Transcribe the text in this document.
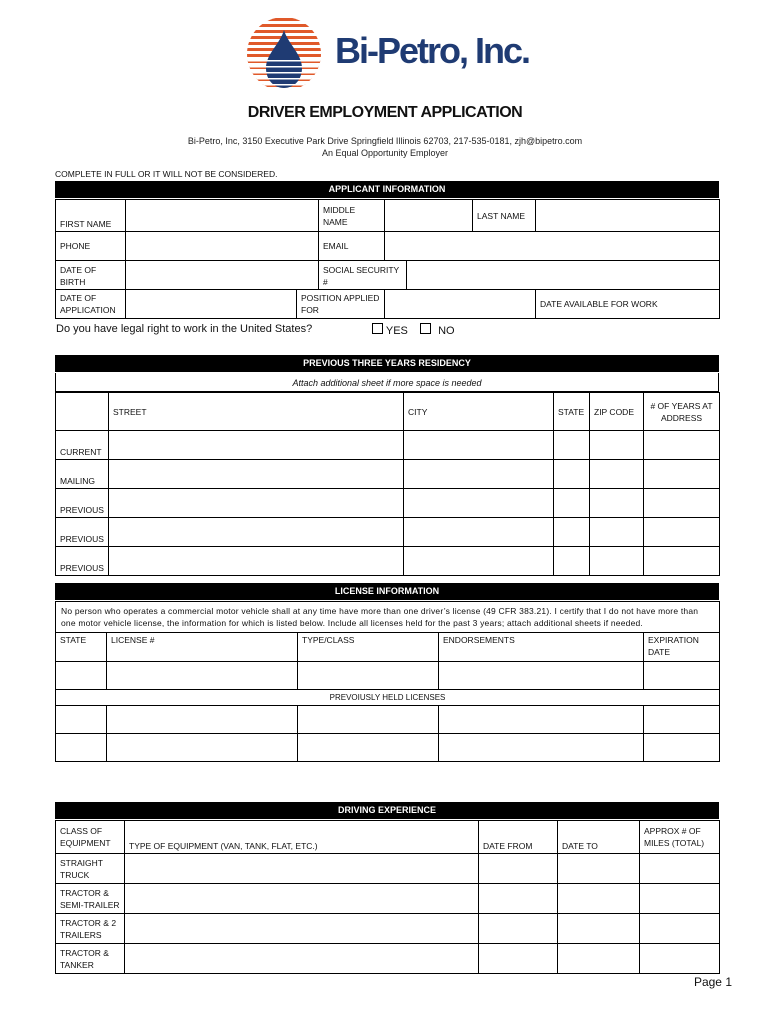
Bi-Petro, Inc.
DRIVER EMPLOYMENT APPLICATION
Bi-Petro, Inc, 3150 Executive Park Drive Springfield Illinois 62703, 217-535-0181, zjh@bipetro.com
An Equal Opportunity Employer
COMPLETE IN FULL OR IT WILL NOT BE CONSIDERED.
APPLICANT INFORMATION
FIRST NAME			MIDDLE NAME			LAST NAME	
PHONE			EMAIL				
DATE OF BIRTH			SOCIAL SECURITY #				
DATE OF APPLICATION		POSITION APPLIED FOR					DATE AVAILABLE FOR WORK
Do you have legal right to work in the United States?	YES	NO
PREVIOUS THREE YEARS RESIDENCY
Attach additional sheet if more space is needed
	STREET	CITY	STATE	ZIP CODE	# OF YEARS AT ADDRESS
CURRENT					
MAILING					
PREVIOUS					
PREVIOUS					
PREVIOUS					
LICENSE INFORMATION
No person who operates a commercial motor vehicle shall at any time have more than one driver’s license (49 CFR 383.21). I certify that I do not have more than one motor vehicle license, the information for which is listed below. Include all licenses held for the past 3 years; attach additional sheets if needed.				
STATE	LICENSE #	TYPE/CLASS	ENDORSEMENTS	EXPIRATION DATE

PREVOIUSLY HELD LICENSES				

DRIVING EXPERIENCE
CLASS OF EQUIPMENT	TYPE OF EQUIPMENT (VAN, TANK, FLAT, ETC.)	DATE FROM	DATE TO	APPROX # OF MILES (TOTAL)
STRAIGHT TRUCK				
TRACTOR & SEMI-TRAILER				
TRACTOR & 2 TRAILERS				
TRACTOR & TANKER				
Page 1
